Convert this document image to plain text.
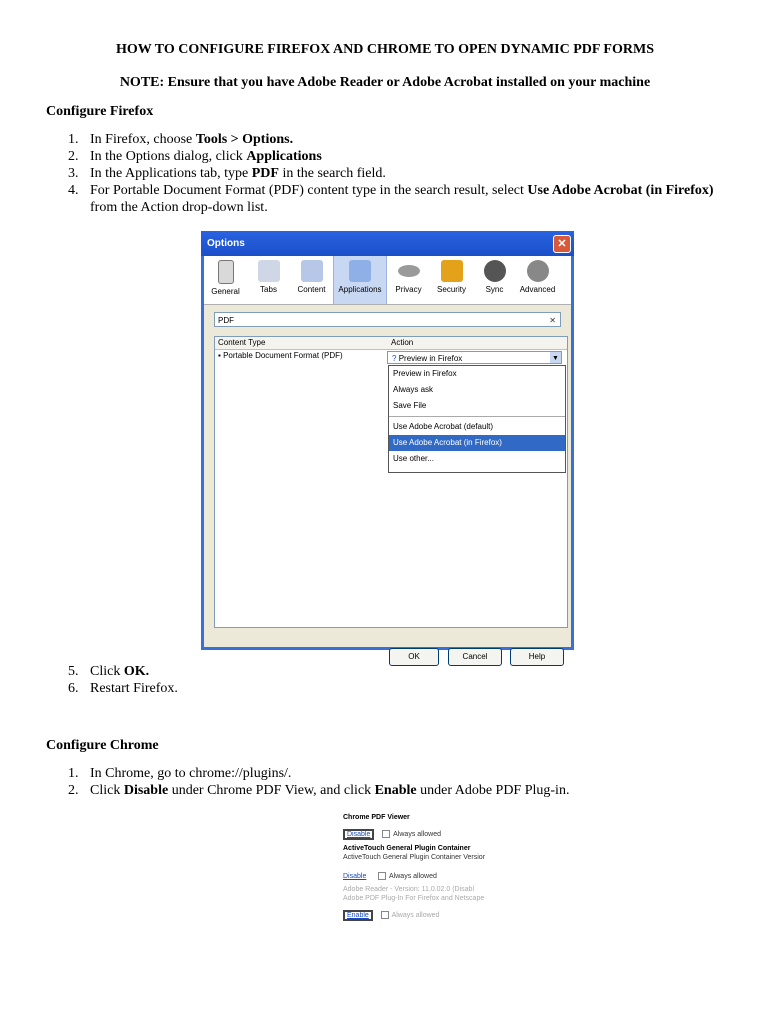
HOW TO CONFIGURE FIREFOX AND CHROME TO OPEN DYNAMIC PDF FORMS
NOTE: Ensure that you have Adobe Reader or Adobe Acrobat installed on your machine
Configure Firefox
1. In Firefox, choose Tools > Options.
2. In the Options dialog, click Applications
3. In the Applications tab, type PDF in the search field.
4. For Portable Document Format (PDF) content type in the search result, select Use Adobe Acrobat (in Firefox) from the Action drop-down list.
Options	✕
General	Tabs	Content	Applications	Privacy	Security	Sync	Advanced
PDF	✕
Content Type	Action
▪ Portable Document Format (PDF)	? Preview in Firefox	▼
Preview in Firefox
Always ask
Save File
Use Adobe Acrobat (default)
Use Adobe Acrobat (in Firefox)
Use other...
OK	Cancel	Help
5. Click OK.
6. Restart Firefox.
Configure Chrome
1. In Chrome, go to chrome://plugins/.
2. Click Disable under Chrome PDF View, and click Enable under Adobe PDF Plug-in.
Chrome PDF Viewer
Disable	Always allowed
ActiveTouch General Plugin Container
ActiveTouch General Plugin Container Versior
Disable	Always allowed
Adobe Reader - Version: 11.0.02.0 (Disabl
Adobe PDF Plug-In For Firefox and Netscape
Enable	Always allowed
